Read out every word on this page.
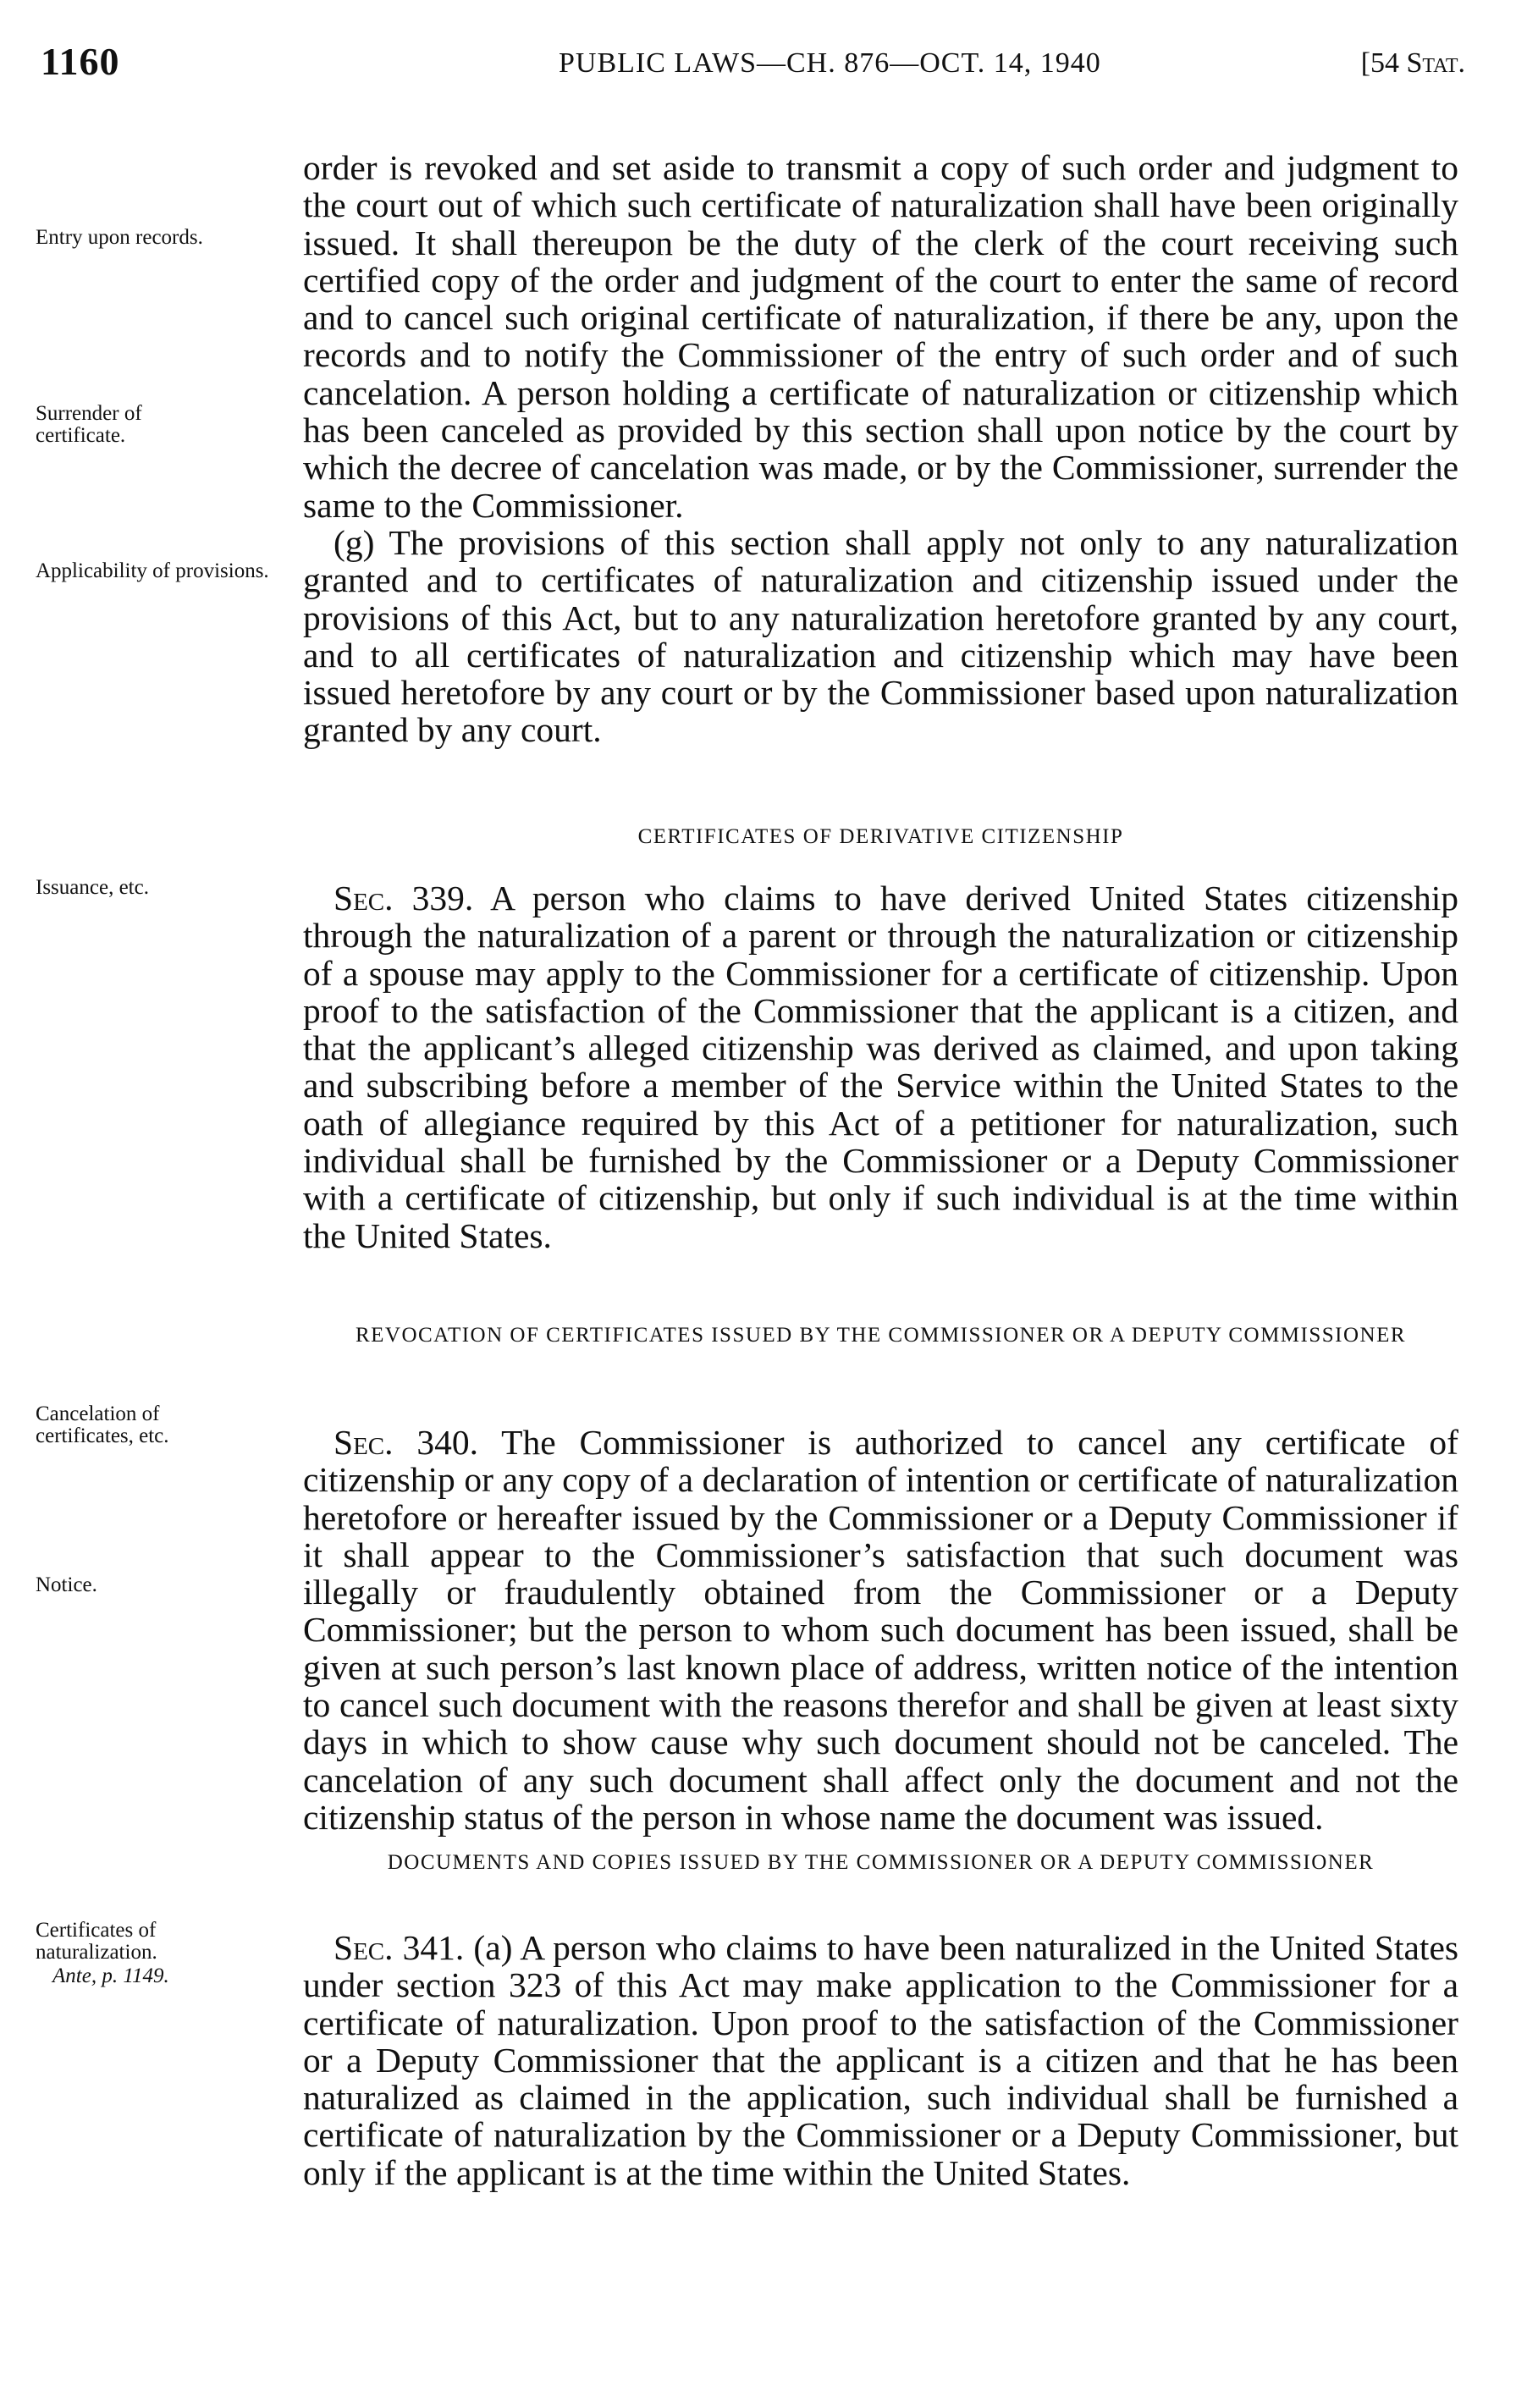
1160	PUBLIC LAWS—CH. 876—OCT. 14, 1940	[54 Stat.
Entry upon records.
Surrender of certificate.
Applicability of provisions.
Issuance, etc.
Cancelation of certificates, etc.
Notice.
Certificates of naturalization.
Ante, p. 1149.

order is revoked and set aside to transmit a copy of such order and judgment to the court out of which such certificate of naturalization shall have been originally issued. It shall thereupon be the duty of the clerk of the court receiving such certified copy of the order and judgment of the court to enter the same of record and to cancel such original certificate of naturalization, if there be any, upon the records and to notify the Commissioner of the entry of such order and of such cancelation. A person holding a certificate of naturalization or citizenship which has been canceled as provided by this section shall upon notice by the court by which the decree of cancelation was made, or by the Commissioner, surrender the same to the Commissioner.

(g) The provisions of this section shall apply not only to any naturalization granted and to certificates of naturalization and citizenship issued under the provisions of this Act, but to any naturalization heretofore granted by any court, and to all certificates of naturalization and citizenship which may have been issued heretofore by any court or by the Commissioner based upon naturalization granted by any court.

CERTIFICATES OF DERIVATIVE CITIZENSHIP

Sec. 339. A person who claims to have derived United States citizenship through the naturalization of a parent or through the naturalization or citizenship of a spouse may apply to the Commissioner for a certificate of citizenship. Upon proof to the satisfaction of the Commissioner that the applicant is a citizen, and that the applicant’s alleged citizenship was derived as claimed, and upon taking and subscribing before a member of the Service within the United States to the oath of allegiance required by this Act of a petitioner for naturalization, such individual shall be furnished by the Commissioner or a Deputy Commissioner with a certificate of citizenship, but only if such individual is at the time within the United States.

REVOCATION OF CERTIFICATES ISSUED BY THE COMMISSIONER OR A DEPUTY COMMISSIONER

Sec. 340. The Commissioner is authorized to cancel any certificate of citizenship or any copy of a declaration of intention or certificate of naturalization heretofore or hereafter issued by the Commissioner or a Deputy Commissioner if it shall appear to the Commissioner’s satisfaction that such document was illegally or fraudulently obtained from the Commissioner or a Deputy Commissioner; but the person to whom such document has been issued, shall be given at such person’s last known place of address, written notice of the intention to cancel such document with the reasons therefor and shall be given at least sixty days in which to show cause why such document should not be canceled. The cancelation of any such document shall affect only the document and not the citizenship status of the person in whose name the document was issued.

DOCUMENTS AND COPIES ISSUED BY THE COMMISSIONER OR A DEPUTY COMMISSIONER

Sec. 341. (a) A person who claims to have been naturalized in the United States under section 323 of this Act may make application to the Commissioner for a certificate of naturalization. Upon proof to the satisfaction of the Commissioner or a Deputy Commissioner that the applicant is a citizen and that he has been naturalized as claimed in the application, such individual shall be furnished a certificate of naturalization by the Commissioner or a Deputy Commissioner, but only if the applicant is at the time within the United States.
